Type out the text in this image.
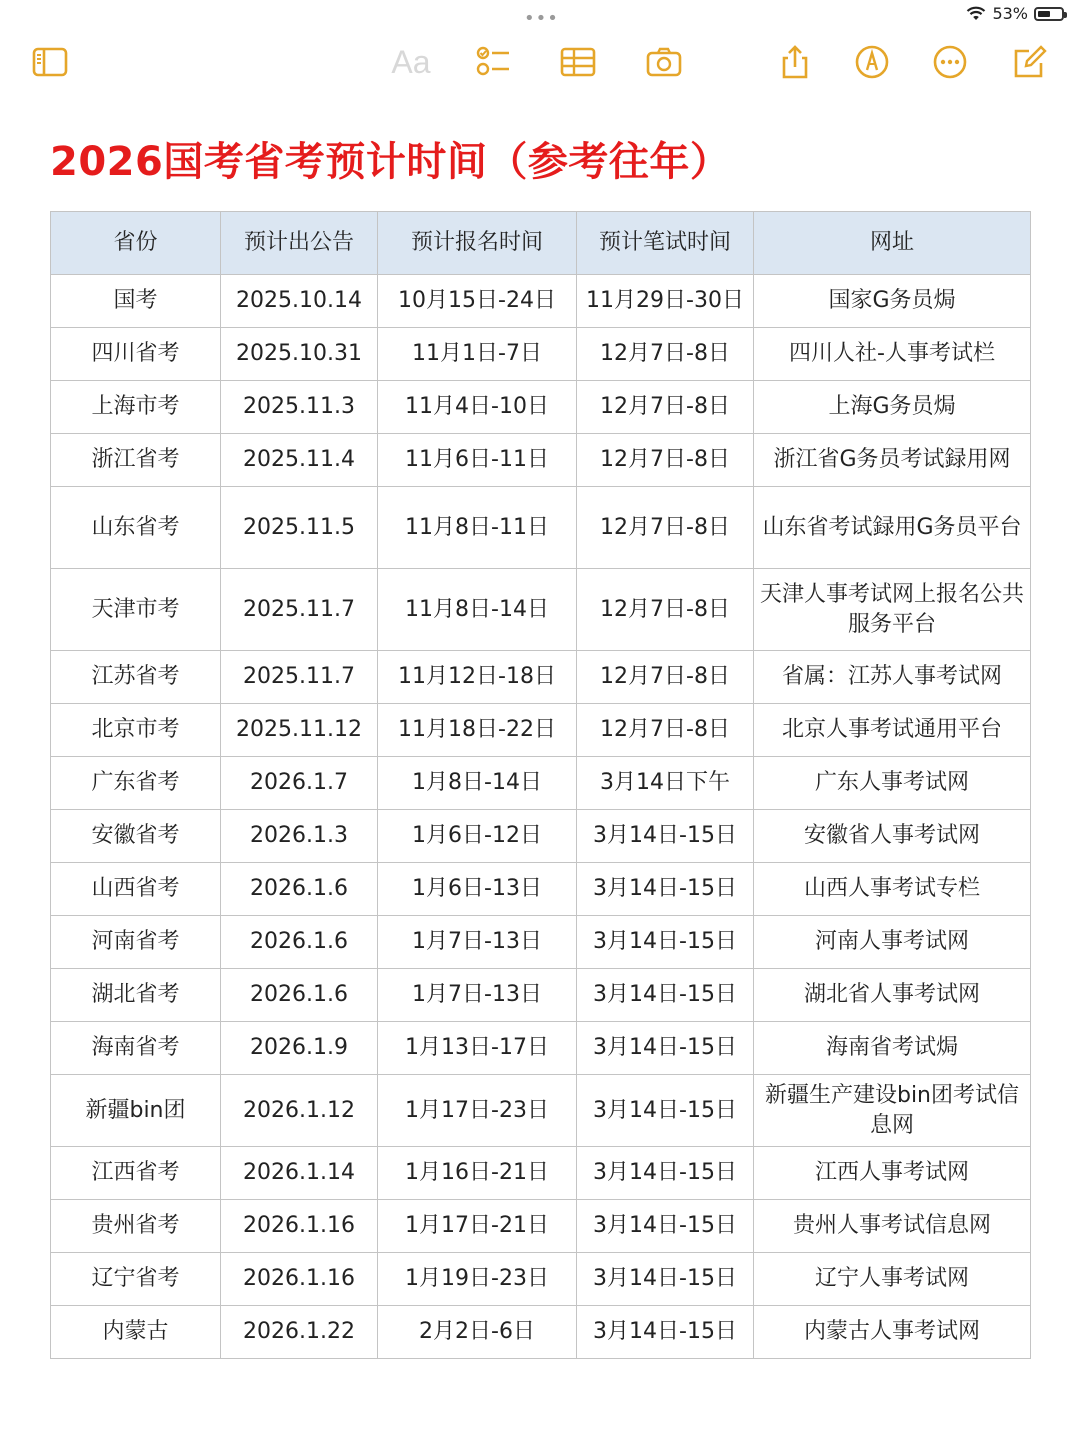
•••	53%
Aa
2026国考省考预计时间（参考往年）
省份	预计出公告	预计报名时间	预计笔试时间	网址
国考	2025.10.14	10月15日-24日	11月29日-30日	国家G务员焗
四川省考	2025.10.31	11月1日-7日	12月7日-8日	四川人社-人事考试栏
上海市考	2025.11.3	11月4日-10日	12月7日-8日	上海G务员焗
浙江省考	2025.11.4	11月6日-11日	12月7日-8日	浙江省G务员考试録用网
山东省考	2025.11.5	11月8日-11日	12月7日-8日	山东省考试録用G务员平台
天津市考	2025.11.7	11月8日-14日	12月7日-8日	天津人事考试网上报名公共服务平台
江苏省考	2025.11.7	11月12日-18日	12月7日-8日	省属：江苏人事考试网
北京市考	2025.11.12	11月18日-22日	12月7日-8日	北京人事考试通用平台
广东省考	2026.1.7	1月8日-14日	3月14日下午	广东人事考试网
安徽省考	2026.1.3	1月6日-12日	3月14日-15日	安徽省人事考试网
山西省考	2026.1.6	1月6日-13日	3月14日-15日	山西人事考试专栏
河南省考	2026.1.6	1月7日-13日	3月14日-15日	河南人事考试网
湖北省考	2026.1.6	1月7日-13日	3月14日-15日	湖北省人事考试网
海南省考	2026.1.9	1月13日-17日	3月14日-15日	海南省考试焗
新疆bin团	2026.1.12	1月17日-23日	3月14日-15日	新疆生产建设bin团考试信息网
江西省考	2026.1.14	1月16日-21日	3月14日-15日	江西人事考试网
贵州省考	2026.1.16	1月17日-21日	3月14日-15日	贵州人事考试信息网
辽宁省考	2026.1.16	1月19日-23日	3月14日-15日	辽宁人事考试网
内蒙古	2026.1.22	2月2日-6日	3月14日-15日	内蒙古人事考试网
